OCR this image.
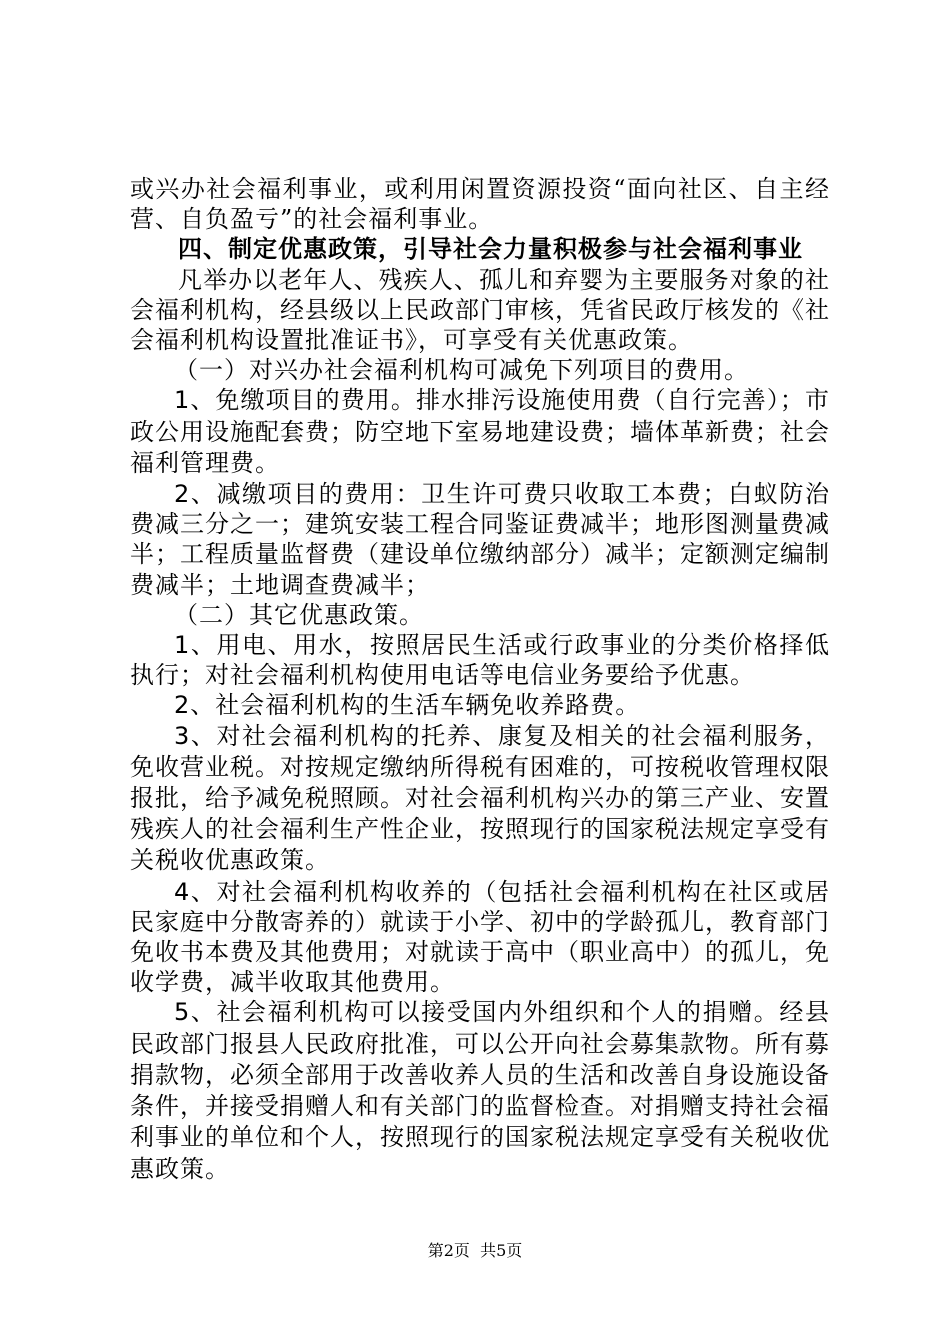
或兴办社会福利事业，或利用闲置资源投资“面向社区、自主经营、自负盈亏”的社会福利事业。

四、制定优惠政策，引导社会力量积极参与社会福利事业

凡举办以老年人、残疾人、孤儿和弃婴为主要服务对象的社会福利机构，经县级以上民政部门审核，凭省民政厅核发的《社会福利机构设置批准证书》，可享受有关优惠政策。

（一）对兴办社会福利机构可减免下列项目的费用。

1、免缴项目的费用。排水排污设施使用费（自行完善）；市政公用设施配套费；防空地下室易地建设费；墙体革新费；社会福利管理费。

2、减缴项目的费用：卫生许可费只收取工本费；白蚁防治费减三分之一；建筑安装工程合同鉴证费减半；地形图测量费减半；工程质量监督费（建设单位缴纳部分）减半；定额测定编制费减半；土地调查费减半；

（二）其它优惠政策。

1、用电、用水，按照居民生活或行政事业的分类价格择低执行；对社会福利机构使用电话等电信业务要给予优惠。

2、社会福利机构的生活车辆免收养路费。

3、对社会福利机构的托养、康复及相关的社会福利服务，免收营业税。对按规定缴纳所得税有困难的，可按税收管理权限报批，给予减免税照顾。对社会福利机构兴办的第三产业、安置残疾人的社会福利生产性企业，按照现行的国家税法规定享受有关税收优惠政策。

4、对社会福利机构收养的（包括社会福利机构在社区或居民家庭中分散寄养的）就读于小学、初中的学龄孤儿，教育部门免收书本费及其他费用；对就读于高中（职业高中）的孤儿，免收学费，减半收取其他费用。

5、社会福利机构可以接受国内外组织和个人的捐赠。经县民政部门报县人民政府批准，可以公开向社会募集款物。所有募捐款物，必须全部用于改善收养人员的生活和改善自身设施设备条件，并接受捐赠人和有关部门的监督检查。对捐赠支持社会福利事业的单位和个人，按照现行的国家税法规定享受有关税收优惠政策。

第2页  共5页
